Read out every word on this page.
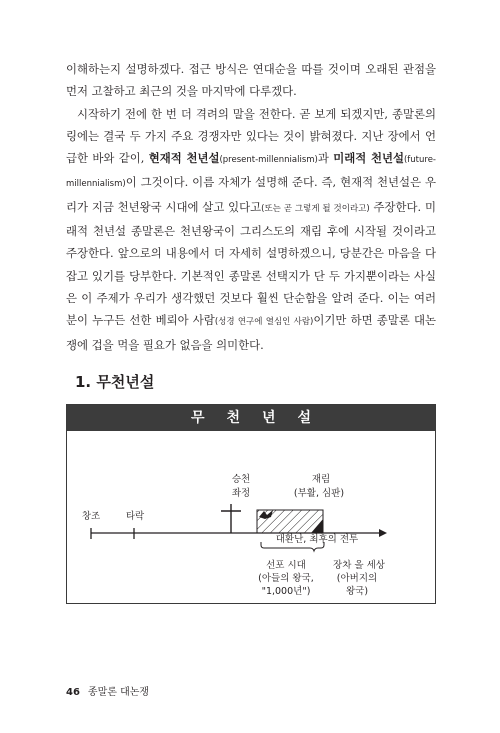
이해하는지 설명하겠다. 접근 방식은 연대순을 따를 것이며 오래된 관점을 먼저 고찰하고 최근의 것을 마지막에 다루겠다.

시작하기 전에 한 번 더 격려의 말을 전한다. 곧 보게 되겠지만, 종말론의 링에는 결국 두 가지 주요 경쟁자만 있다는 것이 밝혀졌다. 지난 장에서 언급한 바와 같이, 현재적 천년설(present-millennialism)과 미래적 천년설(future-millennialism)이 그것이다. 이름 자체가 설명해 준다. 즉, 현재적 천년설은 우리가 지금 천년왕국 시대에 살고 있다고(또는 곧 그렇게 될 것이라고) 주장한다. 미래적 천년설 종말론은 천년왕국이 그리스도의 재림 후에 시작될 것이라고 주장한다. 앞으로의 내용에서 더 자세히 설명하겠으니, 당분간은 마음을 다잡고 있기를 당부한다. 기본적인 종말론 선택지가 단 두 가지뿐이라는 사실은 이 주제가 우리가 생각했던 것보다 훨씬 단순함을 알려 준다. 이는 여러분이 누구든 선한 베뢰아 사람(성경 연구에 열심인 사람)이기만 하면 종말론 대논쟁에 겁을 먹을 필요가 없음을 의미한다.

1. 무천년설
무천년설
승천
좌정
재림
(부활, 심판)
창조	타락
대환난, 최후의 전투
선포 시대
(아들의 왕국,
"1,000년")
장차 올 세상
(아버지의
왕국)
46 종말론 대논쟁
